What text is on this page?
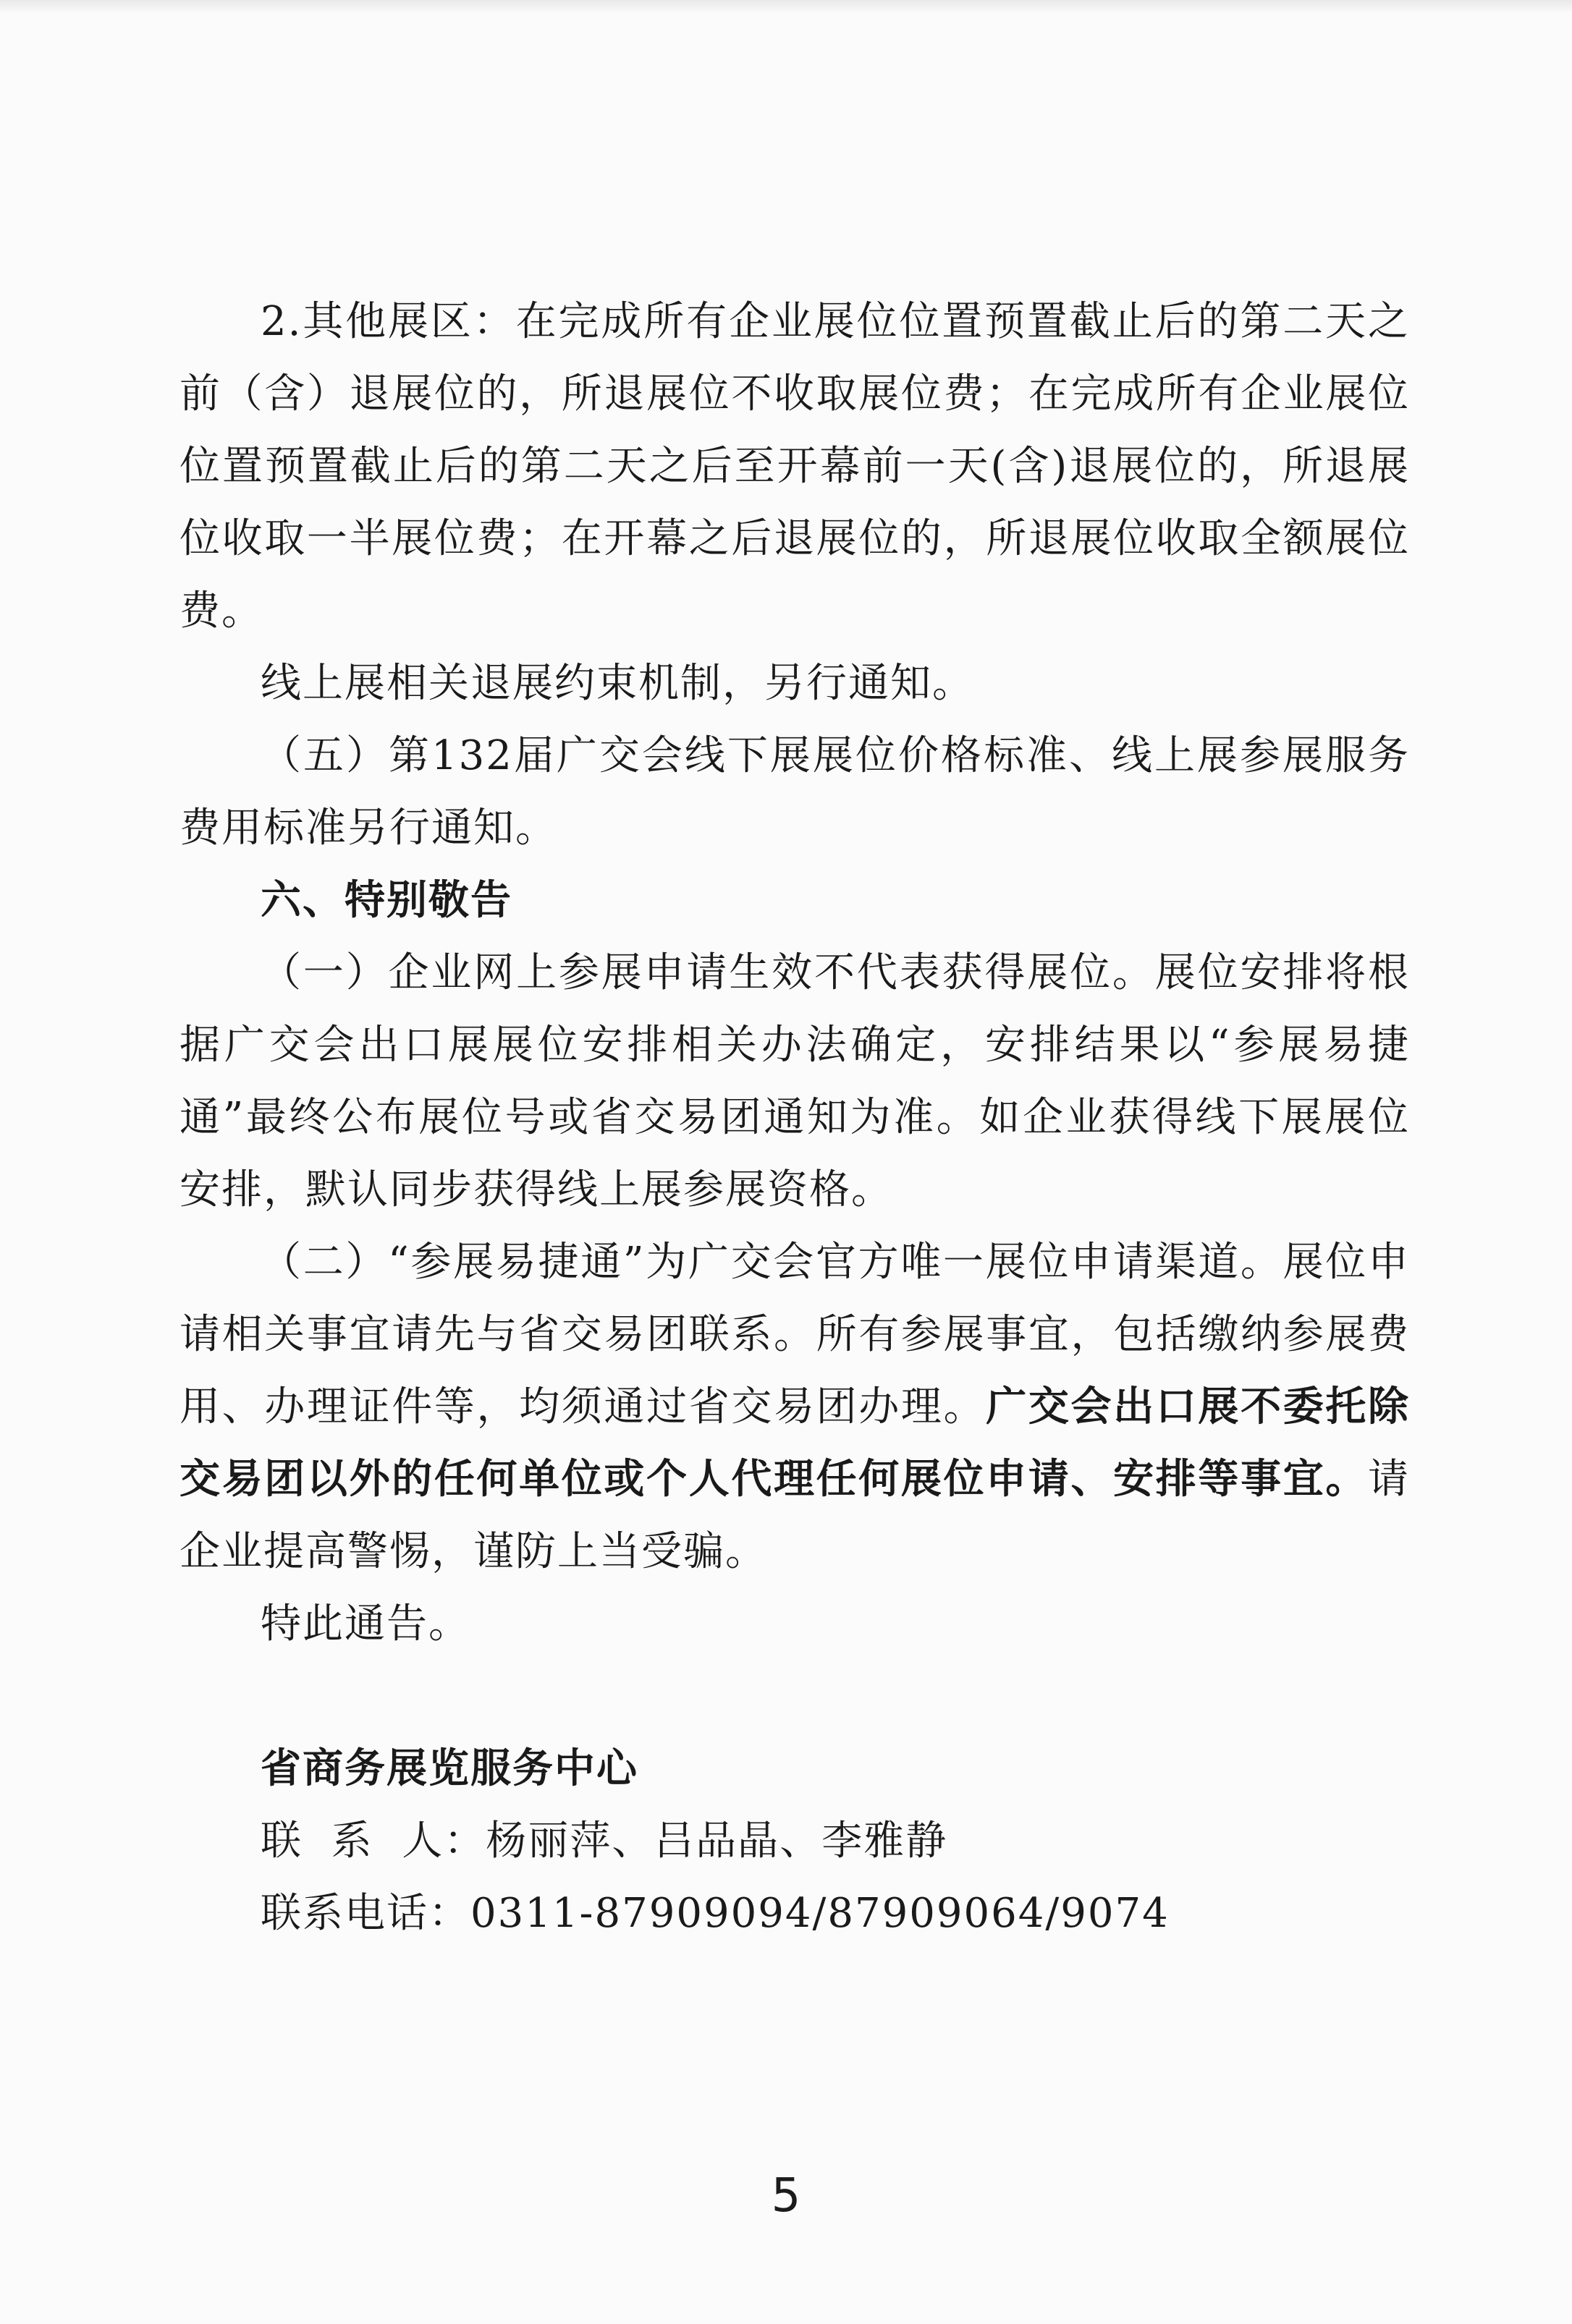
2.其他展区：在完成所有企业展位位置预置截止后的第二天之前（含）退展位的，所退展位不收取展位费；在完成所有企业展位位置预置截止后的第二天之后至开幕前一天(含)退展位的，所退展位收取一半展位费；在开幕之后退展位的，所退展位收取全额展位费。

线上展相关退展约束机制，另行通知。

（五）第132届广交会线下展展位价格标准、线上展参展服务费用标准另行通知。

六、特别敬告

（一）企业网上参展申请生效不代表获得展位。展位安排将根据广交会出口展展位安排相关办法确定，安排结果以“参展易捷通”最终公布展位号或省交易团通知为准。如企业获得线下展展位安排，默认同步获得线上展参展资格。

（二）“参展易捷通”为广交会官方唯一展位申请渠道。展位申请相关事宜请先与省交易团联系。所有参展事宜，包括缴纳参展费用、办理证件等，均须通过省交易团办理。广交会出口展不委托除交易团以外的任何单位或个人代理任何展位申请、安排等事宜。请企业提高警惕，谨防上当受骗。

特此通告。

省商务展览服务中心

联  系  人：杨丽萍、吕品晶、李雅静

联系电话：0311-87909094/87909064/9074

5
